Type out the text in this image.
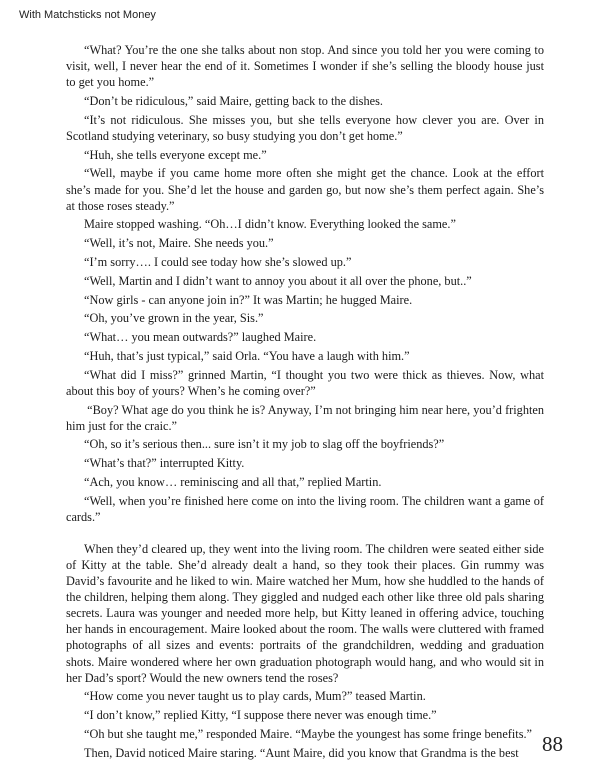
With Matchsticks not Money

“What? You’re the one she talks about non stop. And since you told her you were coming to visit, well, I never hear the end of it. Sometimes I wonder if she’s selling the bloody house just to get you home.”

“Don’t be ridiculous,” said Maire, getting back to the dishes.

“It’s not ridiculous. She misses you, but she tells everyone how clever you are. Over in Scotland studying veterinary, so busy studying you don’t get home.”

“Huh, she tells everyone except me.”

“Well, maybe if you came home more often she might get the chance. Look at the effort she’s made for you. She’d let the house and garden go, but now she’s them perfect again. She’s at those roses steady.”

Maire stopped washing. “Oh…I didn’t know. Everything looked the same.”

“Well, it’s not, Maire. She needs you.”

“I’m sorry…. I could see today how she’s slowed up.”

“Well, Martin and I didn’t want to annoy you about it all over the phone, but..”

“Now girls - can anyone join in?” It was Martin; he hugged Maire.

“Oh, you’ve grown in the year, Sis.”

“What… you mean outwards?” laughed Maire.

“Huh, that’s just typical,” said Orla. “You have a laugh with him.”

“What did I miss?” grinned Martin, “I thought you two were thick as thieves. Now, what about this boy of yours? When’s he coming over?”

“Boy? What age do you think he is? Anyway, I’m not bringing him near here, you’d frighten him just for the craic.”

“Oh, so it’s serious then... sure isn’t it my job to slag off the boyfriends?”

“What’s that?” interrupted Kitty.

“Ach, you know… reminiscing and all that,” replied Martin.

“Well, when you’re finished here come on into the living room. The children want a game of cards.”

When they’d cleared up, they went into the living room. The children were seated either side of Kitty at the table. She’d already dealt a hand, so they took their places. Gin rummy was David’s favourite and he liked to win. Maire watched her Mum, how she huddled to the hands of the children, helping them along. They giggled and nudged each other like three old pals sharing secrets. Laura was younger and needed more help, but Kitty leaned in offering advice, touching her hands in encouragement. Maire looked about the room. The walls were cluttered with framed photographs of all sizes and events: portraits of the grandchildren, wedding and graduation shots. Maire wondered where her own graduation photograph would hang, and who would sit in her Dad’s sport? Would the new owners tend the roses?

“How come you never taught us to play cards, Mum?” teased Martin.

“I don’t know,” replied Kitty, “I suppose there never was enough time.”

“Oh but she taught me,” responded Maire. “Maybe the youngest has some fringe benefits.”

Then, David noticed Maire staring. “Aunt Maire, did you know that Grandma is the best	88
